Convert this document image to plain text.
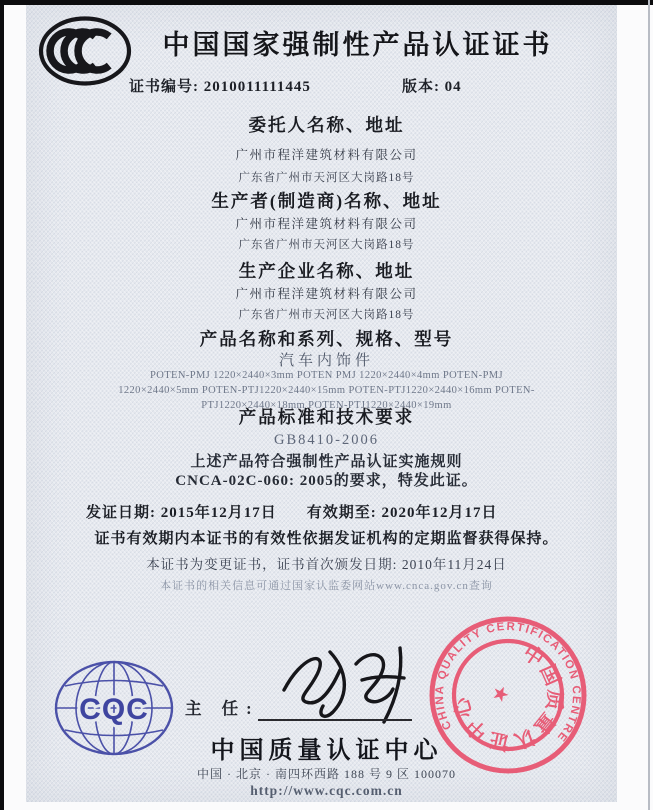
中国国家强制性产品认证证书
证书编号: 2010011111445	版本: 04
委托人名称、地址
广州市程洋建筑材料有限公司
广东省广州市天河区大岗路18号
生产者(制造商)名称、地址
广州市程洋建筑材料有限公司
广东省广州市天河区大岗路18号
生产企业名称、地址
广州市程洋建筑材料有限公司
广东省广州市天河区大岗路18号
产品名称和系列、规格、型号
汽车内饰件
POTEN-PMJ 1220×2440×3mm POTEN PMJ 1220×2440×4mm POTEN-PMJ
1220×2440×5mm POTEN-PTJ1220×2440×15mm POTEN-PTJ1220×2440×16mm POTEN-
PTJ1220×2440×18mm POTEN-PTJ1220×2440×19mm
产品标准和技术要求
GB8410-2006
上述产品符合强制性产品认证实施规则
CNCA-02C-060: 2005的要求，特发此证。
发证日期: 2015年12月17日 有效期至: 2020年12月17日
证书有效期内本证书的有效性依据发证机构的定期监督获得保持。
本证书为变更证书，证书首次颁发日期: 2010年11月24日
本证书的相关信息可通过国家认监委网站www.cnca.gov.cn查询
CQC 主 任:
中国质量认证中心
中国 · 北京 · 南四环西路 188 号 9 区 100070
http://www.cqc.com.cn
CHINA QUALITY CERTIFICATION CENTRE
中国质量认证中心 ★
